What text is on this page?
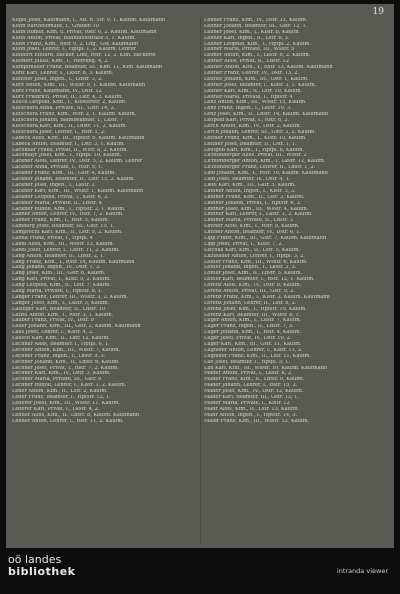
19
Kugel Josef, Kaufmann, I., Ad. R. Str. 9, 1. Kaufm. Kaufmann
Kuhn Bartholomäus, I., Graben 10
Kuhn Rudolf, Kfm. u. Privat, Rstr. 6, 2. Kaufm. Kaufmann
Kuhn Anton, Privat, Bahnhofsstraße 5, 1. Kaufm.
Kuhn Franz, Kfm., Rstr. 6, 2. Ldg., Gst. Kaufmann
Kuhn Josef, Lehrer, I., Hptpl. 1, 2. Kaufm. Lehrer
Kuhnert Eduard, Bäcker, Linz, Rstr. 12, 2. Kfm. Bäckerei
Kuhnert Julius, Kfm., I., Herreng. 4, 2.
Kumpfmüller Franz, Beamter, III., Kfm. 11, Kfm. Kaufmann
Kunz Karl, Lehrer, I., Lkstr. 8, 3. Kaufm.
Kuntner Josef, Ingen., I., Ldstr. 3, 2.
Kurz Anton, Kfm., III., Wsstr. 9, 1. Kaufm. Kaufmann
Kurz Franz, Kaufmann, IV., Dstr. 12
Kurz Friedrich, Privat, II., Lstr. 4, 3. Kaufm.
Kusch Leopold, Kfm., I., Klosterstr. 2, Kaufm.
Kutschera Anna, Private, III., Gstr. 14, 2.
Kutschera Franz, Kfm., Rstr. 2, 1. Kaufm. Kaufm.
Kutschera Johann, Bahnbeamter, I., Lkstr. 7
Kutschera Karl, Kfm., II., Ldstr. 11, 2. Kaufm.
Kutschera Josef, Lehrer, I., Rstr. 1, 2.
Labeck Alois, Kfm., III., Hptstr. 6, Kaufm. Kaufmann
Labeck Anton, Beamter, I., Lstr. 3, 1. Kaufm.
Lachmair Franz, Privat, II., Wstr. 8, 2. Kaufm.
Lachmayr Josef, Kfm., I., Hptpl. 10, Kaufm.
Lackner Alois, Lehrer, IV., Dstr. 5, 2. Kaufm. Lehrer
Lackner Anna, Private, I., Rstr. 9, 1.
Lackner Franz, Kfm., III., Gstr. 4, Kaufm.
Lackner Johann, Beamter, II., Lstr. 15, 2. Kaufm.
Lackner Josef, Ingen., I., Lkstr. 2
Lackner Karl, Kfm., III., Wsstr. 1, Kaufm. Kaufmann
Lackner Leopold, Privat, I., Klstr. 6, 3.
Lackner Maria, Private, II., Ldstr. 4
Lackner Rudolf, Kfm., I., Hptstr. 2, 1. Kaufm.
Lahner Anton, Lehrer, IV., Dstr. 7, 2. Kaufm.
Lahner Franz, Kfm., I., Rstr. 5, Kaufm.
Lamberg Josef, Beamter, III., Gstr. 10, 1.
Lamprecht Karl, Kfm., II., Lstr. 9, 2. Kaufm.
Landa Franz, Privat, I., Hptpl. 4
Landl Alois, Kfm., III., Wsstr. 13, Kaufm.
Landl Josef, Lehrer, I., Lkstr. 11, 2. Kaufm.
Lang Anton, Beamter, II., Ldstr. 2, 1.
Lang Franz, Kfm., I., Rstr. 14, Kaufm. Kaufmann
Lang Johann, Ingen., IV., Dstr. 1, 3.
Lang Josef, Kfm., III., Gstr. 6, Kaufm.
Lang Karl, Privat, I., Klstr. 9, 2. Kaufm.
Lang Leopold, Kfm., II., Lstr. 7, Kaufm.
Lang Maria, Private, I., Hptstr. 8, 1.
Langer Franz, Lehrer, III., Wsstr. 3, 2. Kaufm.
Langer Josef, Kfm., I., Lkstr. 5, Kaufm.
Lasinger Karl, Beamter, II., Ldstr. 10
Latzel Anton, Kfm., I., Rstr. 3, 1. Kaufm.
Lauber Franz, Privat, IV., Dstr. 9
Lauer Johann, Kfm., III., Gstr. 2, Kaufm. Kaufmann
Laus Josef, Lehrer, I., Klstr. 4, 2.
Lausch Karl, Kfm., II., Lstr. 12, Kaufm.
Lechner Alois, Beamter, I., Hptpl. 6, 1.
Lechner Anton, Kfm., III., Wsstr. 7, Kaufm.
Lechner Franz, Ingen., I., Lkstr. 9, 3.
Lechner Johann, Kfm., II., Ldstr. 6, Kaufm.
Lechner Josef, Privat, I., Rstr. 7, 2. Kaufm.
Lechner Karl, Kfm., IV., Dstr. 3, Kaufm.
Lechner Maria, Private, III., Gstr. 8
Lechner Rudolf, Lehrer, I., Klstr. 1, 2. Kaufm.
Leder Anton, Kfm., II., Lstr. 2, Kaufm.
Leder Franz, Beamter, I., Hptstr. 12, 1.
Lederer Josef, Kfm., III., Wsstr. 11, Kaufm.
Lederer Karl, Privat, I., Lkstr. 4, 2.
Lehner Alois, Kfm., II., Ldstr. 8, Kaufm. Kaufmann
Lehner Anton, Lehrer, I., Rstr. 11, 2. Kaufm.
Lehner Franz, Kfm., IV., Dstr. 11, Kaufm.
Lehner Johann, Beamter, III., Gstr. 12, 1.
Lehner Josef, Kfm., I., Klstr. 8, Kaufm.
Lehner Karl, Ingen., II., Lstr. 6, 3.
Lehner Leopold, Kfm., I., Hptpl. 2, Kaufm.
Lehner Maria, Private, III., Wsstr. 5
Leimer Anton, Kfm., I., Lkstr. 6, 2. Kaufm.
Leitner Alois, Privat, II., Ldstr. 12
Leitner Anton, Kfm., I., Rstr. 13, Kaufm. Kaufmann
Leitner Franz, Lehrer, IV., Dstr. 13, 2.
Leitner Johann, Kfm., III., Gstr. 1, Kaufm.
Leitner Josef, Beamter, I., Klstr. 3, 1. Kaufm.
Leitner Karl, Kfm., II., Lstr. 10, Kaufm.
Leitner Maria, Private, I., Hptstr. 4
Lenz Anton, Kfm., III., Wsstr. 15, Kaufm.
Lenz Franz, Ingen., I., Lkstr. 10, 3.
Lenz Josef, Kfm., II., Ldstr. 14, Kaufm. Kaufmann
Leopold Karl, Privat, I., Rstr. 6, 2.
Lerch Anton, Kfm., IV., Dstr. 2, Kaufm.
Lerch Johann, Lehrer, III., Gstr. 3, 2. Kaufm.
Lettner Franz, Kfm., I., Klstr. 10, Kaufm.
Lettner Josef, Beamter, II., Lstr. 1, 1.
Leutgeb Karl, Kfm., I., Hptpl. 8, Kaufm.
Lichtenberger Alois, Privat, III., Wsstr. 2
Lichtenberger Anton, Kfm., I., Lkstr. 12, Kaufm.
Lichtenberger Franz, Lehrer, II., Ldstr. 1, 2.
Lieb Johann, Kfm., I., Rstr. 10, Kaufm. Kaufmann
Lieb Josef, Beamter, IV., Dstr. 4, 1.
Liebl Karl, Kfm., III., Gstr. 5, Kaufm.
Lindner Anton, Ingen., I., Klstr. 5, 3.
Lindner Franz, Kfm., II., Lstr. 3, Kaufm.
Lindner Johann, Privat, I., Hptstr. 6, 2.
Lindner Josef, Kfm., III., Wsstr. 4, Kaufm.
Lindner Karl, Lehrer, I., Lkstr. 1, 2. Kaufm.
Lindner Maria, Private, II., Ldstr. 3
Lintner Alois, Kfm., I., Rstr. 8, Kaufm.
Lintner Anton, Beamter, IV., Dstr. 6, 1.
Lipp Franz, Kfm., III., Gstr. 7, Kaufm. Kaufmann
Lipp Josef, Privat, I., Klstr. 7, 2.
Lischka Karl, Kfm., II., Lstr. 5, Kaufm.
Litzlbauer Anton, Lehrer, I., Hptpl. 3, 2.
Löffler Franz, Kfm., III., Wsstr. 6, Kaufm.
Löffler Johann, Ingen., I., Lkstr. 3, 3.
Löffler Josef, Kfm., II., Ldstr. 5, Kaufm.
Löffler Karl, Beamter, I., Rstr. 12, 1. Kaufm.
Lorenz Alois, Kfm., IV., Dstr. 8, Kaufm.
Lorenz Anton, Privat, III., Gstr. 9, 2.
Lorenz Franz, Kfm., I., Klstr. 2, Kaufm. Kaufmann
Lorenz Johann, Lehrer, II., Lstr. 8, 2.
Lorenz Josef, Kfm., I., Hptstr. 10, Kaufm.
Lorenz Karl, Beamter, III., Wsstr. 8, 1.
Luger Anton, Kfm., I., Lkstr. 7, Kaufm.
Luger Franz, Ingen., II., Ldstr. 7, 3.
Luger Johann, Kfm., I., Rstr. 4, Kaufm.
Luger Josef, Privat, IV., Dstr. 10, 2.
Luger Karl, Kfm., III., Gstr. 11, Kaufm.
Lughofer Anton, Lehrer, I., Klstr. 11, 2.
Lughofer Franz, Kfm., II., Lstr. 11, Kaufm.
Lux Josef, Beamter, I., Hptpl. 5, 1.
Lux Karl, Kfm., III., Wsstr. 10, Kaufm. Kaufmann
Mader Anton, Privat, I., Lkstr. 8, 2.
Mader Franz, Kfm., II., Ldstr. 9, Kaufm.
Mader Johann, Lehrer, I., Rstr. 15, 2.
Mader Josef, Kfm., IV., Dstr. 12, Kaufm.
Mader Karl, Beamter, III., Gstr. 13, 1.
Mader Maria, Private, I., Klstr. 12
Mahr Alois, Kfm., II., Lstr. 13, Kaufm.
Mahr Anton, Ingen., I., Hptstr. 14, 3.
Maier Franz, Kfm., III., Wsstr. 12, Kaufm.
oö landes
bibliothek	intranda viewer
